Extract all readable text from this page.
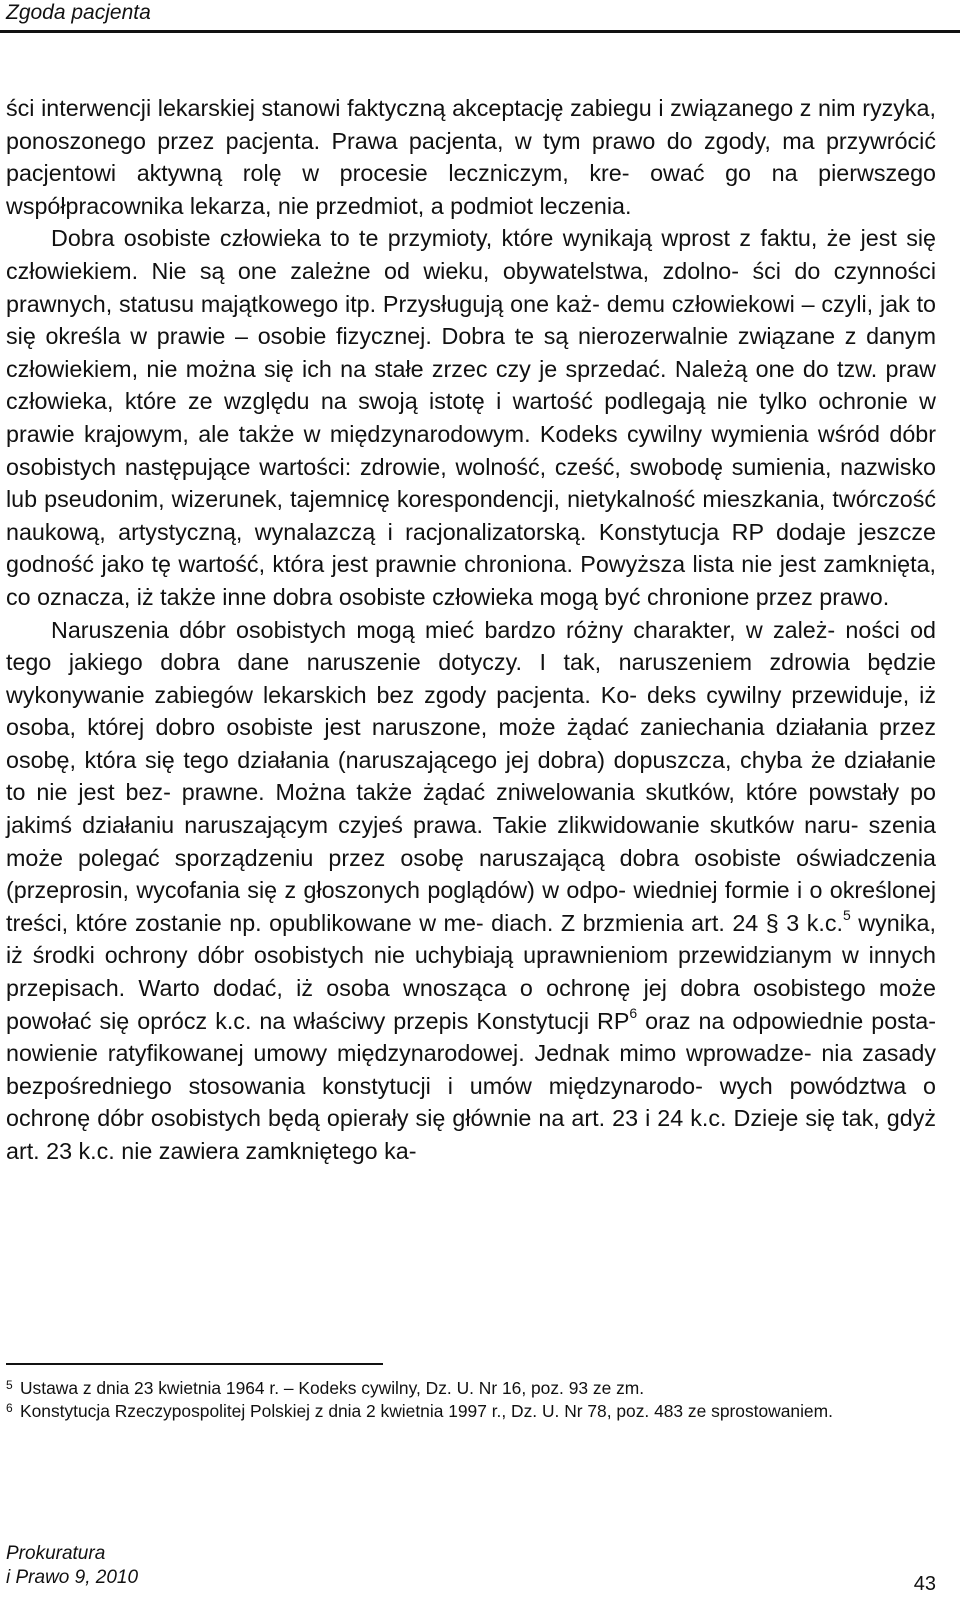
Zgoda pacjenta

ści interwencji lekarskiej stanowi faktyczną akceptację zabiegu i związanego z nim ryzyka, ponoszonego przez pacjenta. Prawa pacjenta, w tym prawo do zgody, ma przywrócić pacjentowi aktywną rolę w procesie leczniczym, kre- ować go na pierwszego współpracownika lekarza, nie przedmiot, a podmiot leczenia.

Dobra osobiste człowieka to te przymioty, które wynikają wprost z faktu, że jest się człowiekiem. Nie są one zależne od wieku, obywatelstwa, zdolno- ści do czynności prawnych, statusu majątkowego itp. Przysługują one każ- demu człowiekowi – czyli, jak to się określa w prawie – osobie fizycznej. Dobra te są nierozerwalnie związane z danym człowiekiem, nie można się ich na stałe zrzec czy je sprzedać. Należą one do tzw. praw człowieka, które ze względu na swoją istotę i wartość podlegają nie tylko ochronie w prawie krajowym, ale także w międzynarodowym. Kodeks cywilny wymienia wśród dóbr osobistych następujące wartości: zdrowie, wolność, cześć, swobodę sumienia, nazwisko lub pseudonim, wizerunek, tajemnicę korespondencji, nietykalność mieszkania, twórczość naukową, artystyczną, wynalazczą i racjonalizatorską. Konstytucja RP dodaje jeszcze godność jako tę wartość, która jest prawnie chroniona. Powyższa lista nie jest zamknięta, co oznacza, iż także inne dobra osobiste człowieka mogą być chronione przez prawo.

Naruszenia dóbr osobistych mogą mieć bardzo różny charakter, w zależ- ności od tego jakiego dobra dane naruszenie dotyczy. I tak, naruszeniem zdrowia będzie wykonywanie zabiegów lekarskich bez zgody pacjenta. Ko- deks cywilny przewiduje, iż osoba, której dobro osobiste jest naruszone, może żądać zaniechania działania przez osobę, która się tego działania (naruszającego jej dobra) dopuszcza, chyba że działanie to nie jest bez- prawne. Można także żądać zniwelowania skutków, które powstały po jakimś działaniu naruszającym czyjeś prawa. Takie zlikwidowanie skutków naru- szenia może polegać sporządzeniu przez osobę naruszającą dobra osobiste oświadczenia (przeprosin, wycofania się z głoszonych poglądów) w odpo- wiedniej formie i o określonej treści, które zostanie np. opublikowane w me- diach. Z brzmienia art. 24 § 3 k.c.$^5$ wynika, iż środki ochrony dóbr osobistych nie uchybiają uprawnieniom przewidzianym w innych przepisach. Warto dodać, iż osoba wnosząca o ochronę jej dobra osobistego może powołać się oprócz k.c. na właściwy przepis Konstytucji $RP^6$ oraz na odpowiednie posta- nowienie ratyfikowanej umowy międzynarodowej. Jednak mimo wprowadze- nia zasady bezpośredniego stosowania konstytucji i umów międzynarodo- wych powództwa o ochronę dóbr osobistych będą opierały się głównie na art. 23 i 24 k.c. Dzieje się tak, gdyż art. 23 k.c. nie zawiera zamkniętego ka-

5 Ustawa z dnia 23 kwietnia 1964 r. – Kodeks cywilny, Dz. U. Nr 16, poz. 93 ze zm.
6 Konstytucja Rzeczypospolitej Polskiej z dnia 2 kwietnia 1997 r., Dz. U. Nr 78, poz. 483 ze sprostowaniem.
Prokuratura
i Prawo 9, 2010	43
